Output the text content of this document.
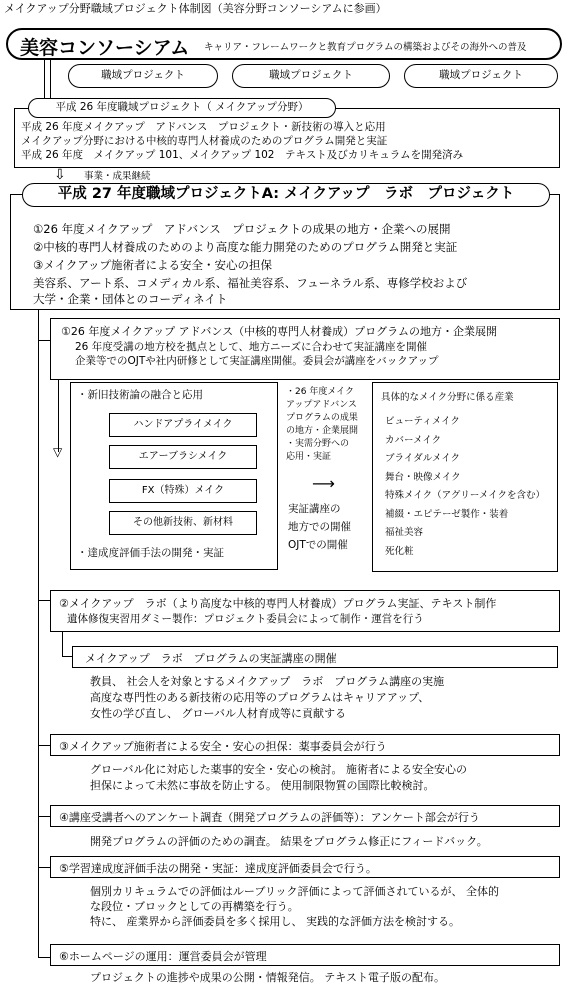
メイクアップ分野職域プロジェクト体制図（美容分野コンソーシアムに参画）
美容コンソーシアム キャリア・フレームワークと教育プログラムの構築およびその海外への普及
職域プロジェクト	職域プロジェクト	職域プロジェクト
平成 26 年度メイクアップ　アドバンス　プロジェクト・新技術の導入と応用
メイクアップ分野における中核的専門人材養成のためのプログラム開発と実証
平成 26 年度　メイクアップ 101、メイクアップ 102　テキスト及びカリキュラムを開発済み
平成 26 年度職域プロジェクト（ メイクアップ分野）
⇩ 事業・成果継続
①26 年度メイクアップ　アドバンス　プロジェクトの成果の地方・企業への展開
②中核的専門人材養成のためのより高度な能力開発のためのプログラム開発と実証
③メイクアップ施術者による安全・安心の担保
美容系、アート系、コメディカル系、福祉美容系、フューネラル系、専修学校および
大学・企業・団体とのコーディネイト
平成 27 年度職域プロジェクトA: メイクアップ　ラボ　プロジェクト
①26 年度メイクアップ アドバンス（中核的専門人材養成）プログラムの地方・企業展開
26 年度受講の地方校を拠点として、地方ニーズに合わせて実証講座を開催
企業等でのOJTや社内研修として実証講座開催。委員会が講座をバックアップ
▽
・新旧技術論の融合と応用
ハンドアプライメイク
エアーブラシメイク
FX（特殊）メイク
その他新技術、新材料
・達成度評価手法の開発・実証
・26 年度メイク
アップアドバンス
プログラムの成果
の地方・企業展開
・実需分野への
応用・実証
⟶
実証講座の
地方での開催
OJTでの開催
具体的なメイク分野に係る産業
ビューティメイク
カバーメイク
ブライダルメイク
舞台・映像メイク
特殊メイク（アグリーメイクを含む）
補綴・エピテーゼ製作・装着
福祉美容
死化粧
②メイクアップ　ラボ（より高度な中核的専門人材養成）プログラム実証、テキスト制作
遺体修復実習用ダミー製作：プロジェクト委員会によって制作・運営を行う
メイクアップ　ラボ　プログラムの実証講座の開催
教員、 社会人を対象とするメイクアップ　ラボ　プログラム講座の実施
高度な専門性のある新技術の応用等のプログラムはキャリアアップ、
女性の学び直し、 グローバル人材育成等に貢献する
③メイクアップ施術者による安全・安心の担保：薬事委員会が行う
グローバル化に対応した薬事的安全・安心の検討。 施術者による安全安心の
担保によって未然に事故を防止する。 使用制限物質の国際比較検討。
④講座受講者へのアンケート調査（開発プログラムの評価等）：アンケート部会が行う
開発プログラムの評価のための調査。 結果をプログラム修正にフィードバック。
⑤学習達成度評価手法の開発・実証：達成度評価委員会で行う。
個別カリキュラムでの評価はルーブリック評価によって評価されているが、 全体的
な段位・ブロックとしての再構築を行う。
特に、 産業界から評価委員を多く採用し、 実践的な評価方法を検討する。
⑥ホームページの運用：運営委員会が管理
プロジェクトの進捗や成果の公開・情報発信。 テキスト電子版の配布。
